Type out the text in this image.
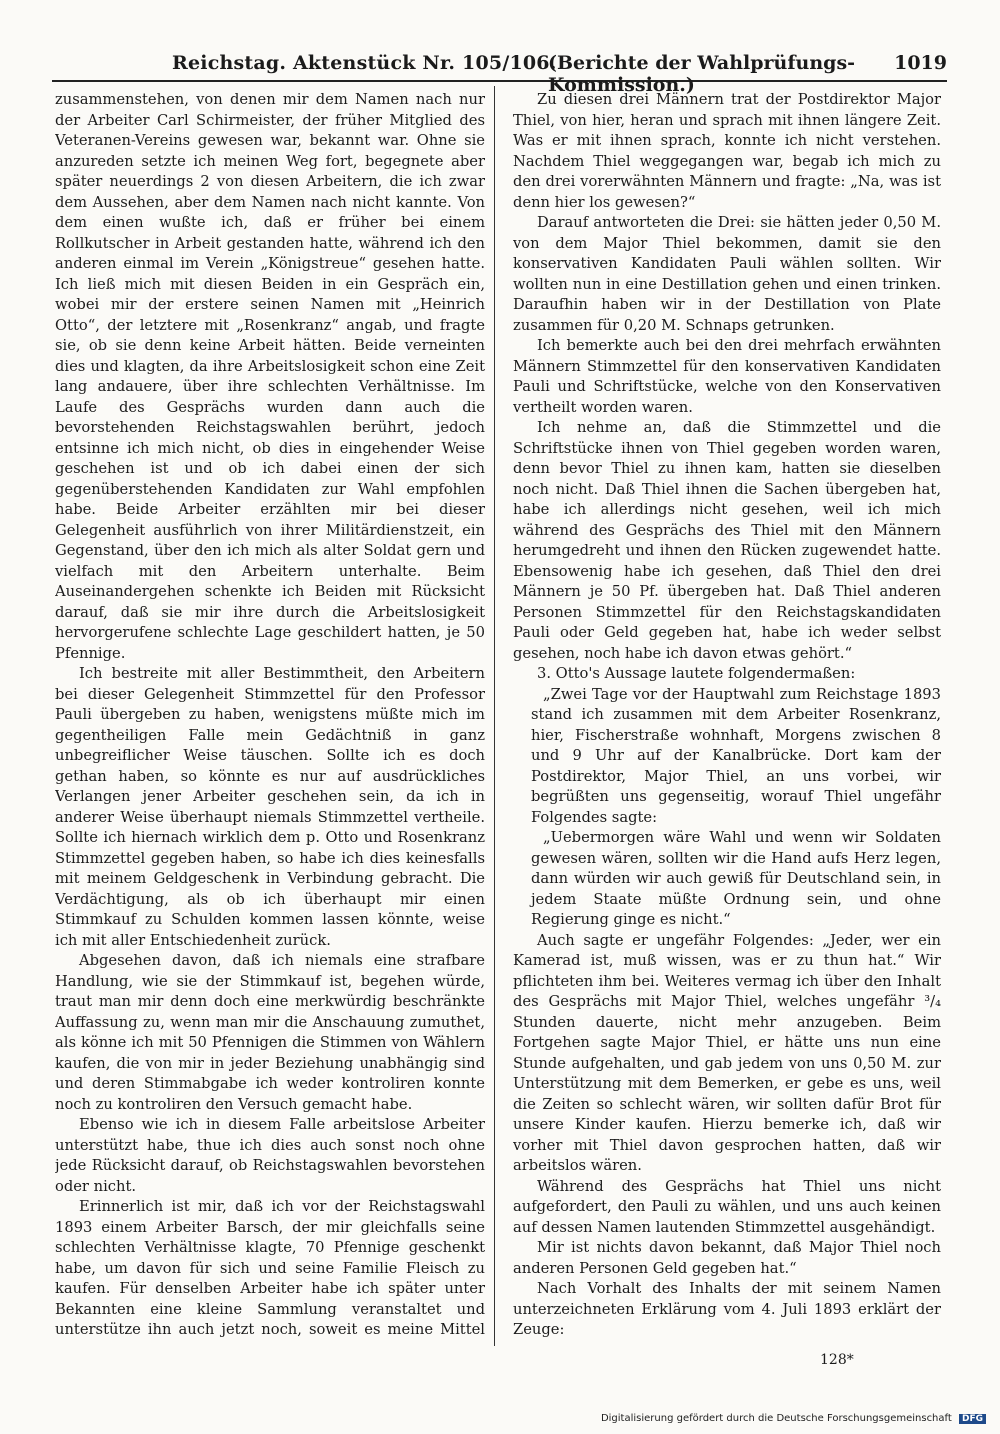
Reichstag. Aktenstück Nr. 105/106.
(Berichte der Wahlprüfungs-Kommission.)
1019

zusammenstehen, von denen mir dem Namen nach nur der Arbeiter Carl Schirmeister, der früher Mitglied des Veteranen-Vereins gewesen war, bekannt war. Ohne sie anzureden setzte ich meinen Weg fort, begegnete aber später neuerdings 2 von diesen Arbeitern, die ich zwar dem Aussehen, aber dem Namen nach nicht kannte. Von dem einen wußte ich, daß er früher bei einem Rollkutscher in Arbeit gestanden hatte, während ich den anderen einmal im Verein „Königstreue“ gesehen hatte. Ich ließ mich mit diesen Beiden in ein Gespräch ein, wobei mir der erstere seinen Namen mit „Heinrich Otto“, der letztere mit „Rosenkranz“ angab, und fragte sie, ob sie denn keine Arbeit hätten. Beide verneinten dies und klagten, da ihre Arbeitslosigkeit schon eine Zeit lang andauere, über ihre schlechten Verhältnisse. Im Laufe des Gesprächs wurden dann auch die bevorstehenden Reichstagswahlen berührt, jedoch entsinne ich mich nicht, ob dies in eingehender Weise geschehen ist und ob ich dabei einen der sich gegenüberstehenden Kandidaten zur Wahl empfohlen habe. Beide Arbeiter erzählten mir bei dieser Gelegenheit ausführlich von ihrer Militärdienstzeit, ein Gegenstand, über den ich mich als alter Soldat gern und vielfach mit den Arbeitern unterhalte. Beim Auseinandergehen schenkte ich Beiden mit Rücksicht darauf, daß sie mir ihre durch die Arbeitslosigkeit hervorgerufene schlechte Lage geschildert hatten, je 50 Pfennige.

Ich bestreite mit aller Bestimmtheit, den Arbeitern bei dieser Gelegenheit Stimmzettel für den Professor Pauli übergeben zu haben, wenigstens müßte mich im gegentheiligen Falle mein Gedächtniß in ganz unbegreiflicher Weise täuschen. Sollte ich es doch gethan haben, so könnte es nur auf ausdrückliches Verlangen jener Arbeiter geschehen sein, da ich in anderer Weise überhaupt niemals Stimmzettel vertheile. Sollte ich hiernach wirklich dem p. Otto und Rosenkranz Stimmzettel gegeben haben, so habe ich dies keinesfalls mit meinem Geldgeschenk in Verbindung gebracht. Die Verdächtigung, als ob ich überhaupt mir einen Stimmkauf zu Schulden kommen lassen könnte, weise ich mit aller Entschiedenheit zurück.

Abgesehen davon, daß ich niemals eine strafbare Handlung, wie sie der Stimmkauf ist, begehen würde, traut man mir denn doch eine merkwürdig beschränkte Auffassung zu, wenn man mir die Anschauung zumuthet, als könne ich mit 50 Pfennigen die Stimmen von Wählern kaufen, die von mir in jeder Beziehung unabhängig sind und deren Stimmabgabe ich weder kontroliren konnte noch zu kontroliren den Versuch gemacht habe.

Ebenso wie ich in diesem Falle arbeitslose Arbeiter unterstützt habe, thue ich dies auch sonst noch ohne jede Rücksicht darauf, ob Reichstagswahlen bevorstehen oder nicht.

Erinnerlich ist mir, daß ich vor der Reichstagswahl 1893 einem Arbeiter Barsch, der mir gleichfalls seine schlechten Verhältnisse klagte, 70 Pfennige geschenkt habe, um davon für sich und seine Familie Fleisch zu kaufen. Für denselben Arbeiter habe ich später unter Bekannten eine kleine Sammlung veranstaltet und unterstütze ihn auch jetzt noch, soweit es meine Mittel

Zu diesen drei Männern trat der Postdirektor Major Thiel, von hier, heran und sprach mit ihnen längere Zeit. Was er mit ihnen sprach, konnte ich nicht verstehen. Nachdem Thiel weggegangen war, begab ich mich zu den drei vorerwähnten Männern und fragte: „Na, was ist denn hier los gewesen?“

Darauf antworteten die Drei: sie hätten jeder 0,50 M. von dem Major Thiel bekommen, damit sie den konservativen Kandidaten Pauli wählen sollten. Wir wollten nun in eine Destillation gehen und einen trinken. Daraufhin haben wir in der Destillation von Plate zusammen für 0,20 M. Schnaps getrunken.

Ich bemerkte auch bei den drei mehrfach erwähnten Männern Stimmzettel für den konservativen Kandidaten Pauli und Schriftstücke, welche von den Konservativen vertheilt worden waren.

Ich nehme an, daß die Stimmzettel und die Schriftstücke ihnen von Thiel gegeben worden waren, denn bevor Thiel zu ihnen kam, hatten sie dieselben noch nicht. Daß Thiel ihnen die Sachen übergeben hat, habe ich allerdings nicht gesehen, weil ich mich während des Gesprächs des Thiel mit den Männern herumgedreht und ihnen den Rücken zugewendet hatte. Ebensowenig habe ich gesehen, daß Thiel den drei Männern je 50 Pf. übergeben hat. Daß Thiel anderen Personen Stimmzettel für den Reichstagskandidaten Pauli oder Geld gegeben hat, habe ich weder selbst gesehen, noch habe ich davon etwas gehört.“

3. Otto's Aussage lautete folgendermaßen:

„Zwei Tage vor der Hauptwahl zum Reichstage 1893 stand ich zusammen mit dem Arbeiter Rosenkranz, hier, Fischerstraße wohnhaft, Morgens zwischen 8 und 9 Uhr auf der Kanalbrücke. Dort kam der Postdirektor, Major Thiel, an uns vorbei, wir begrüßten uns gegenseitig, worauf Thiel ungefähr Folgendes sagte:

„Uebermorgen wäre Wahl und wenn wir Soldaten gewesen wären, sollten wir die Hand aufs Herz legen, dann würden wir auch gewiß für Deutschland sein, in jedem Staate müßte Ordnung sein, und ohne Regierung ginge es nicht.“

Auch sagte er ungefähr Folgendes: „Jeder, wer ein Kamerad ist, muß wissen, was er zu thun hat.“ Wir pflichteten ihm bei. Weiteres vermag ich über den Inhalt des Gesprächs mit Major Thiel, welches ungefähr ³/₄ Stunden dauerte, nicht mehr anzugeben. Beim Fortgehen sagte Major Thiel, er hätte uns nun eine Stunde aufgehalten, und gab jedem von uns 0,50 M. zur Unterstützung mit dem Bemerken, er gebe es uns, weil die Zeiten so schlecht wären, wir sollten dafür Brot für unsere Kinder kaufen. Hierzu bemerke ich, daß wir vorher mit Thiel davon gesprochen hatten, daß wir arbeitslos wären.

Während des Gesprächs hat Thiel uns nicht aufgefordert, den Pauli zu wählen, und uns auch keinen auf dessen Namen lautenden Stimmzettel ausgehändigt.

Mir ist nichts davon bekannt, daß Major Thiel noch anderen Personen Geld gegeben hat.“

Nach Vorhalt des Inhalts der mit seinem Namen unterzeichneten Erklärung vom 4. Juli 1893 erklärt der Zeuge:

128*
Digitalisierung gefördert durch die Deutsche Forschungsgemeinschaft DFG
